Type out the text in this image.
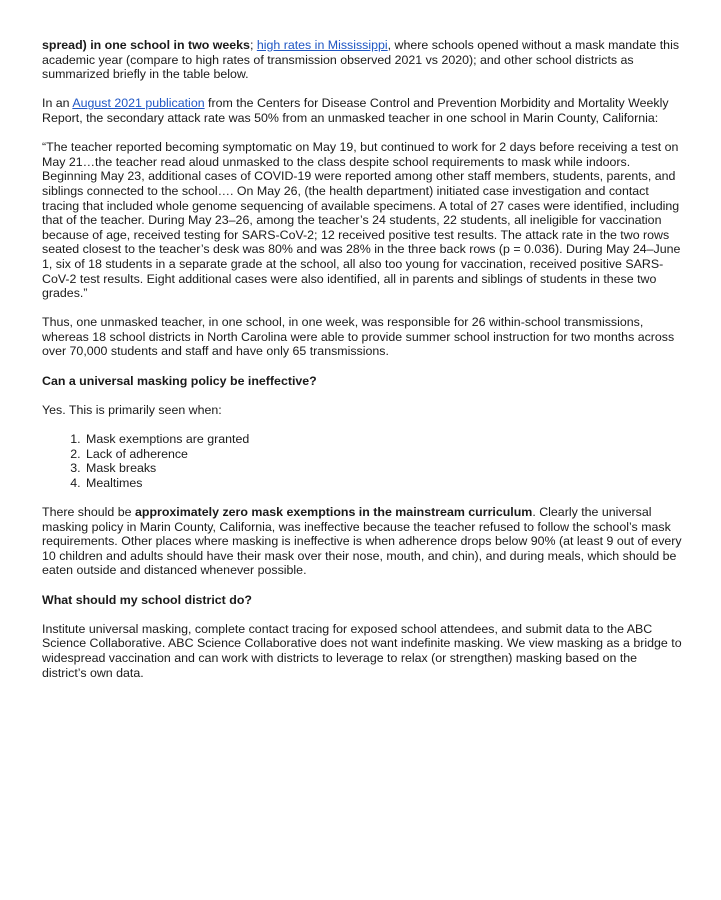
spread) in one school in two weeks; high rates in Mississippi, where schools opened without a mask mandate this academic year (compare to high rates of transmission observed 2021 vs 2020); and other school districts as summarized briefly in the table below.

In an August 2021 publication from the Centers for Disease Control and Prevention Morbidity and Mortality Weekly Report, the secondary attack rate was 50% from an unmasked teacher in one school in Marin County, California:

“The teacher reported becoming symptomatic on May 19, but continued to work for 2 days before receiving a test on May 21…the teacher read aloud unmasked to the class despite school requirements to mask while indoors. Beginning May 23, additional cases of COVID-19 were reported among other staff members, students, parents, and siblings connected to the school…. On May 26, (the health department) initiated case investigation and contact tracing that included whole genome sequencing of available specimens. A total of 27 cases were identified, including that of the teacher. During May 23–26, among the teacher’s 24 students, 22 students, all ineligible for vaccination because of age, received testing for SARS-CoV-2; 12 received positive test results. The attack rate in the two rows seated closest to the teacher’s desk was 80% and was 28% in the three back rows (p = 0.036). During May 24–June 1, six of 18 students in a separate grade at the school, all also too young for vaccination, received positive SARS-CoV-2 test results. Eight additional cases were also identified, all in parents and siblings of students in these two grades.”

Thus, one unmasked teacher, in one school, in one week, was responsible for 26 within-school transmissions, whereas 18 school districts in North Carolina were able to provide summer school instruction for two months across over 70,000 students and staff and have only 65 transmissions.

Can a universal masking policy be ineffective?

Yes. This is primarily seen when:

1. Mask exemptions are granted
2. Lack of adherence
3. Mask breaks
4. Mealtimes

There should be approximately zero mask exemptions in the mainstream curriculum. Clearly the universal masking policy in Marin County, California, was ineffective because the teacher refused to follow the school’s mask requirements. Other places where masking is ineffective is when adherence drops below 90% (at least 9 out of every 10 children and adults should have their mask over their nose, mouth, and chin), and during meals, which should be eaten outside and distanced whenever possible.

What should my school district do?

Institute universal masking, complete contact tracing for exposed school attendees, and submit data to the ABC Science Collaborative. ABC Science Collaborative does not want indefinite masking. We view masking as a bridge to widespread vaccination and can work with districts to leverage to relax (or strengthen) masking based on the district’s own data.
